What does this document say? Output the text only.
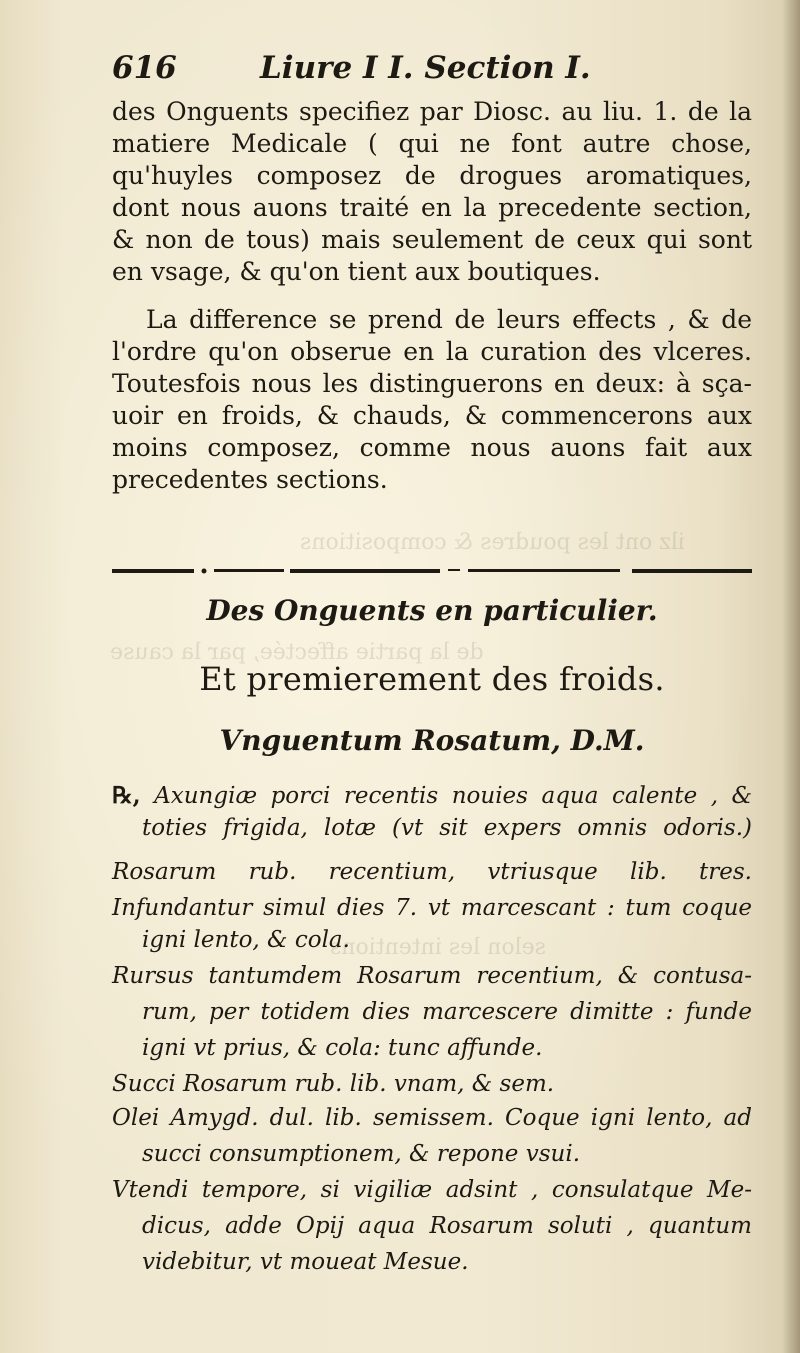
ilz ont les poudres & compositions
de la partie affectée, par la cause
selon les intentions
616	Liure I I. Section I.
des Onguents specifiez par Diosc. au liu. 1. de la
matiere Medicale ( qui ne font autre chose,
qu'huyles composez de drogues aromatiques,
dont nous auons traité en la precedente section,
& non de tous) mais seulement de ceux qui sont
en vsage, & qu'on tient aux boutiques.
La difference se prend de leurs effects , & de
l'ordre qu'on obserue en la curation des vlceres.
Toutesfois nous les distinguerons en deux: à sça-
uoir en froids, & chauds, & commencerons aux
moins composez, comme nous auons fait aux
precedentes sections.
Des Onguents en particulier.
Et premierement des froids.
Vnguentum Rosatum, D.M.
℞, Axungiæ porci recentis nouies aqua calente , &
toties frigida, lotæ (vt sit expers omnis odoris.)
Rosarum rub. recentium, vtriusque lib. tres.
Infundantur simul dies 7. vt marcescant : tum coque
igni lento, & cola.
Rursus tantumdem Rosarum recentium, & contusa-
rum, per totidem dies marcescere dimitte : funde
igni vt prius, & cola: tunc affunde.
Succi Rosarum rub. lib. vnam, & sem.
Olei Amygd. dul. lib. semissem. Coque igni lento, ad
succi consumptionem, & repone vsui.
Vtendi tempore, si vigiliæ adsint , consulatque Me-
dicus, adde Opij aqua Rosarum soluti , quantum
videbitur, vt moueat Mesue.
